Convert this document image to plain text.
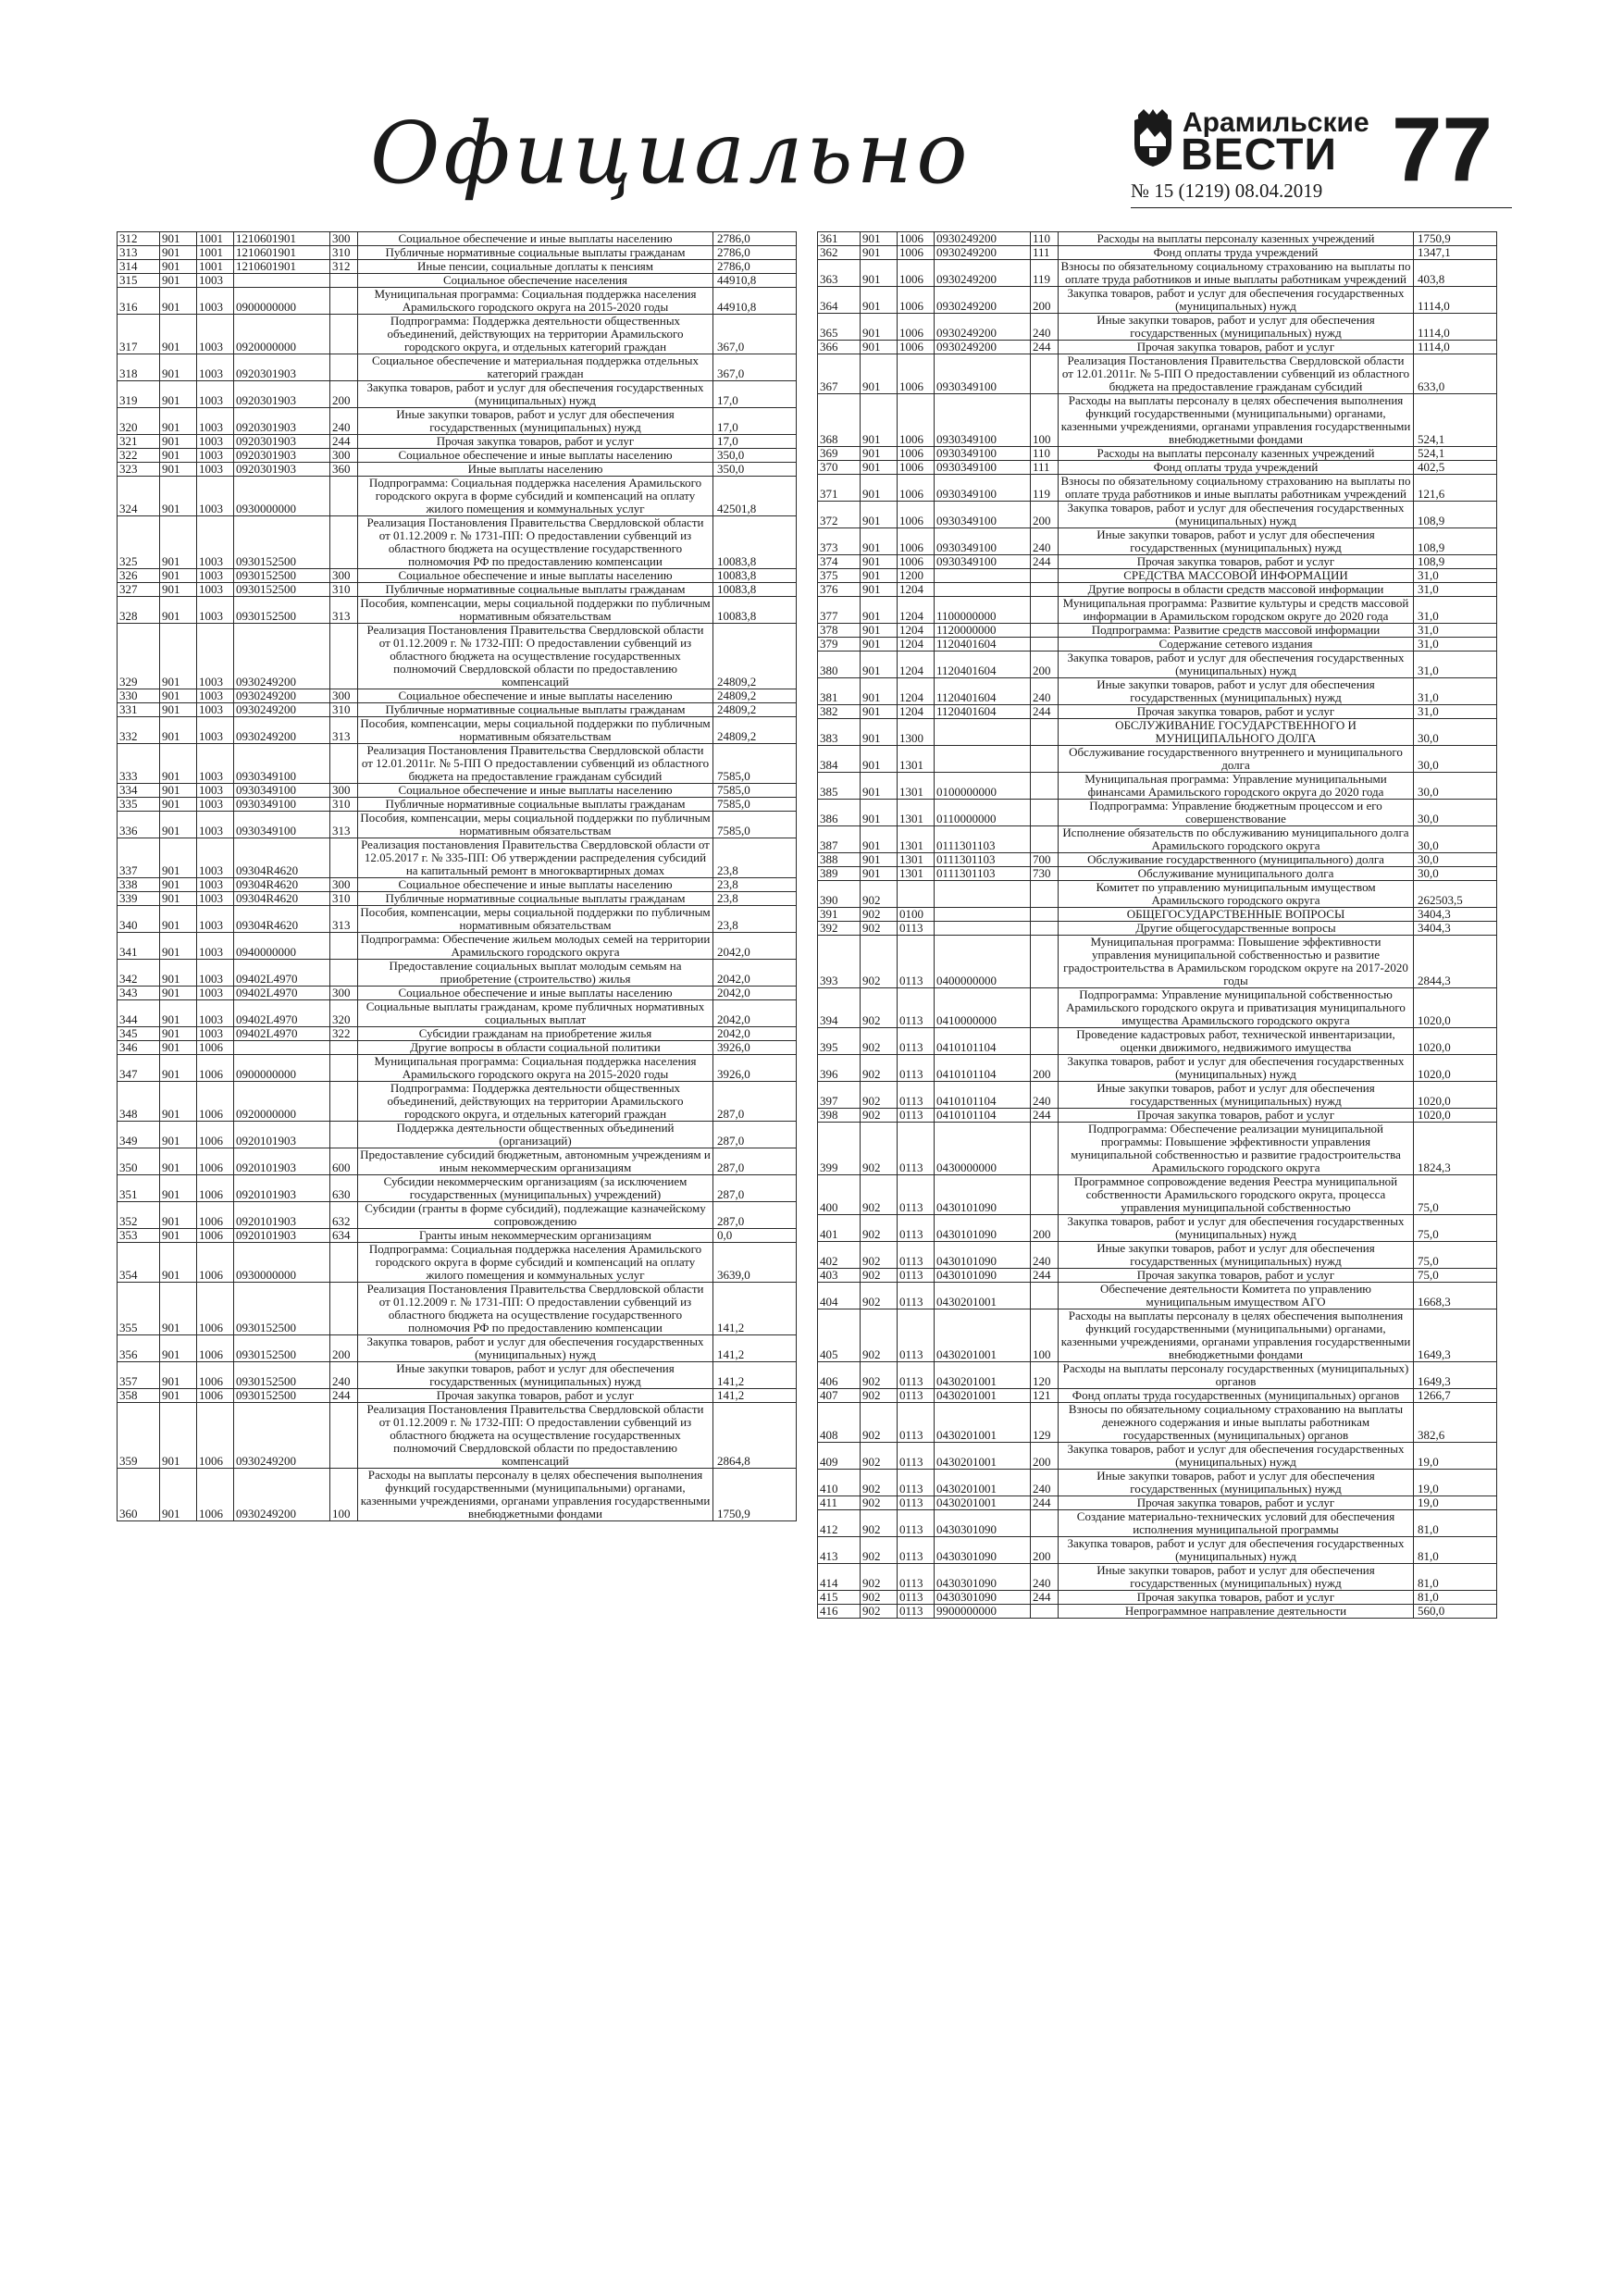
Официально	Арамильские
ВЕСТИ 77
№ 15 (1219) 08.04.2019
312	901	1001	1210601901	300	Социальное обеспечение и иные выплаты населению	2786,0
313	901	1001	1210601901	310	Публичные нормативные социальные выплаты гражданам	2786,0
314	901	1001	1210601901	312	Иные пенсии, социальные доплаты к пенсиям	2786,0
315	901	1003			Социальное обеспечение населения	44910,8
316	901	1003	0900000000		Муниципальная программа: Социальная поддержка населения Арамильского городского округа на 2015-2020 годы	44910,8
317	901	1003	0920000000		Подпрограмма: Поддержка деятельности общественных объединений, действующих на территории Арамильского городского округа, и отдельных категорий граждан	367,0
318	901	1003	0920301903		Социальное обеспечение и материальная поддержка отдельных категорий граждан	367,0
319	901	1003	0920301903	200	Закупка товаров, работ и услуг для обеспечения государственных (муниципальных) нужд	17,0
320	901	1003	0920301903	240	Иные закупки товаров, работ и услуг для обеспечения государственных (муниципальных) нужд	17,0
321	901	1003	0920301903	244	Прочая закупка товаров, работ и услуг	17,0
322	901	1003	0920301903	300	Социальное обеспечение и иные выплаты населению	350,0
323	901	1003	0920301903	360	Иные выплаты населению	350,0
324	901	1003	0930000000		Подпрограмма: Социальная поддержка населения Арамильского городского округа в форме субсидий и компенсаций на оплату жилого помещения и коммунальных услуг	42501,8
325	901	1003	0930152500		Реализация Постановления Правительства Свердловской области от 01.12.2009 г. № 1731-ПП: О предоставлении субвенций из областного бюджета на осуществление государственного полномочия РФ по предоставлению компенсации	10083,8
326	901	1003	0930152500	300	Социальное обеспечение и иные выплаты населению	10083,8
327	901	1003	0930152500	310	Публичные нормативные социальные выплаты гражданам	10083,8
328	901	1003	0930152500	313	Пособия, компенсации, меры социальной поддержки по публичным нормативным обязательствам	10083,8
329	901	1003	0930249200		Реализация Постановления Правительства Свердловской области от 01.12.2009 г. № 1732-ПП: О предоставлении субвенций из областного бюджета на осуществление государственных полномочий Свердловской области по предоставлению компенсаций	24809,2
330	901	1003	0930249200	300	Социальное обеспечение и иные выплаты населению	24809,2
331	901	1003	0930249200	310	Публичные нормативные социальные выплаты гражданам	24809,2
332	901	1003	0930249200	313	Пособия, компенсации, меры социальной поддержки по публичным нормативным обязательствам	24809,2
333	901	1003	0930349100		Реализация Постановления Правительства Свердловской области от 12.01.2011г. № 5-ПП О предоставлении субвенций из областного бюджета на предоставление гражданам субсидий	7585,0
334	901	1003	0930349100	300	Социальное обеспечение и иные выплаты населению	7585,0
335	901	1003	0930349100	310	Публичные нормативные социальные выплаты гражданам	7585,0
336	901	1003	0930349100	313	Пособия, компенсации, меры социальной поддержки по публичным нормативным обязательствам	7585,0
337	901	1003	09304R4620		Реализация постановления Правительства Свердловской области от 12.05.2017 г. № 335-ПП: Об утверждении распределения субсидий на капитальный ремонт в многоквартирных домах	23,8
338	901	1003	09304R4620	300	Социальное обеспечение и иные выплаты населению	23,8
339	901	1003	09304R4620	310	Публичные нормативные социальные выплаты гражданам	23,8
340	901	1003	09304R4620	313	Пособия, компенсации, меры социальной поддержки по публичным нормативным обязательствам	23,8
341	901	1003	0940000000		Подпрограмма: Обеспечение жильем молодых семей на территории Арамильского городского округа	2042,0
342	901	1003	09402L4970		Предоставление социальных выплат молодым семьям на приобретение (строительство) жилья	2042,0
343	901	1003	09402L4970	300	Социальное обеспечение и иные выплаты населению	2042,0
344	901	1003	09402L4970	320	Социальные выплаты гражданам, кроме публичных нормативных социальных выплат	2042,0
345	901	1003	09402L4970	322	Субсидии гражданам на приобретение жилья	2042,0
346	901	1006			Другие вопросы в области социальной политики	3926,0
347	901	1006	0900000000		Муниципальная программа: Социальная поддержка населения Арамильского городского округа на 2015-2020 годы	3926,0
348	901	1006	0920000000		Подпрограмма: Поддержка деятельности общественных объединений, действующих на территории Арамильского городского округа, и отдельных категорий граждан	287,0
349	901	1006	0920101903		Поддержка деятельности общественных объединений (организаций)	287,0
350	901	1006	0920101903	600	Предоставление субсидий бюджетным, автономным учреждениям и иным некоммерческим организациям	287,0
351	901	1006	0920101903	630	Субсидии некоммерческим организациям (за исключением государственных (муниципальных) учреждений)	287,0
352	901	1006	0920101903	632	Субсидии (гранты в форме субсидий), подлежащие казначейскому сопровождению	287,0
353	901	1006	0920101903	634	Гранты иным некоммерческим организациям	0,0
354	901	1006	0930000000		Подпрограмма: Социальная поддержка населения Арамильского городского округа в форме субсидий и компенсаций на оплату жилого помещения и коммунальных услуг	3639,0
355	901	1006	0930152500		Реализация Постановления Правительства Свердловской области от 01.12.2009 г. № 1731-ПП: О предоставлении субвенций из областного бюджета на осуществление государственного полномочия РФ по предоставлению компенсации	141,2
356	901	1006	0930152500	200	Закупка товаров, работ и услуг для обеспечения государственных (муниципальных) нужд	141,2
357	901	1006	0930152500	240	Иные закупки товаров, работ и услуг для обеспечения государственных (муниципальных) нужд	141,2
358	901	1006	0930152500	244	Прочая закупка товаров, работ и услуг	141,2
359	901	1006	0930249200		Реализация Постановления Правительства Свердловской области от 01.12.2009 г. № 1732-ПП: О предоставлении субвенций из областного бюджета на осуществление государственных полномочий Свердловской области по предоставлению компенсаций	2864,8
360	901	1006	0930249200	100	Расходы на выплаты персоналу в целях обеспечения выполнения функций государственными (муниципальными) органами, казенными учреждениями, органами управления государственными внебюджетными фондами	1750,9
361	901	1006	0930249200	110	Расходы на выплаты персоналу казенных учреждений	1750,9
362	901	1006	0930249200	111	Фонд оплаты труда учреждений	1347,1
363	901	1006	0930249200	119	Взносы по обязательному социальному страхованию на выплаты по оплате труда работников и иные выплаты работникам учреждений	403,8
364	901	1006	0930249200	200	Закупка товаров, работ и услуг для обеспечения государственных (муниципальных) нужд	1114,0
365	901	1006	0930249200	240	Иные закупки товаров, работ и услуг для обеспечения государственных (муниципальных) нужд	1114,0
366	901	1006	0930249200	244	Прочая закупка товаров, работ и услуг	1114,0
367	901	1006	0930349100		Реализация Постановления Правительства Свердловской области от 12.01.2011г. № 5-ПП О предоставлении субвенций из областного бюджета на предоставление гражданам субсидий	633,0
368	901	1006	0930349100	100	Расходы на выплаты персоналу в целях обеспечения выполнения функций государственными (муниципальными) органами, казенными учреждениями, органами управления государственными внебюджетными фондами	524,1
369	901	1006	0930349100	110	Расходы на выплаты персоналу казенных учреждений	524,1
370	901	1006	0930349100	111	Фонд оплаты труда учреждений	402,5
371	901	1006	0930349100	119	Взносы по обязательному социальному страхованию на выплаты по оплате труда работников и иные выплаты работникам учреждений	121,6
372	901	1006	0930349100	200	Закупка товаров, работ и услуг для обеспечения государственных (муниципальных) нужд	108,9
373	901	1006	0930349100	240	Иные закупки товаров, работ и услуг для обеспечения государственных (муниципальных) нужд	108,9
374	901	1006	0930349100	244	Прочая закупка товаров, работ и услуг	108,9
375	901	1200			СРЕДСТВА МАССОВОЙ ИНФОРМАЦИИ	31,0
376	901	1204			Другие вопросы в области средств массовой информации	31,0
377	901	1204	1100000000		Муниципальная программа: Развитие культуры и средств массовой информации в Арамильском городском округе до 2020 года	31,0
378	901	1204	1120000000		Подпрограмма: Развитие средств массовой информации	31,0
379	901	1204	1120401604		Содержание сетевого издания	31,0
380	901	1204	1120401604	200	Закупка товаров, работ и услуг для обеспечения государственных (муниципальных) нужд	31,0
381	901	1204	1120401604	240	Иные закупки товаров, работ и услуг для обеспечения государственных (муниципальных) нужд	31,0
382	901	1204	1120401604	244	Прочая закупка товаров, работ и услуг	31,0
383	901	1300			ОБСЛУЖИВАНИЕ ГОСУДАРСТВЕННОГО И МУНИЦИПАЛЬНОГО ДОЛГА	30,0
384	901	1301			Обслуживание государственного внутреннего и муниципального долга	30,0
385	901	1301	0100000000		Муниципальная программа: Управление муниципальными финансами Арамильского городского округа до 2020 года	30,0
386	901	1301	0110000000		Подпрограмма: Управление бюджетным процессом и его совершенствование	30,0
387	901	1301	0111301103		Исполнение обязательств по обслуживанию муниципального долга Арамильского городского округа	30,0
388	901	1301	0111301103	700	Обслуживание государственного (муниципального) долга	30,0
389	901	1301	0111301103	730	Обслуживание муниципального долга	30,0
390	902				Комитет по управлению муниципальным имуществом Арамильского городского округа	262503,5
391	902	0100			ОБЩЕГОСУДАРСТВЕННЫЕ ВОПРОСЫ	3404,3
392	902	0113			Другие общегосударственные вопросы	3404,3
393	902	0113	0400000000		Муниципальная программа: Повышение эффективности управления муниципальной собственностью и развитие градостроительства в Арамильском городском округе на 2017-2020 годы	2844,3
394	902	0113	0410000000		Подпрограмма: Управление муниципальной собственностью Арамильского городского округа и приватизация муниципального имущества Арамильского городского округа	1020,0
395	902	0113	0410101104		Проведение кадастровых работ, технической инвентаризации, оценки движимого, недвижимого имущества	1020,0
396	902	0113	0410101104	200	Закупка товаров, работ и услуг для обеспечения государственных (муниципальных) нужд	1020,0
397	902	0113	0410101104	240	Иные закупки товаров, работ и услуг для обеспечения государственных (муниципальных) нужд	1020,0
398	902	0113	0410101104	244	Прочая закупка товаров, работ и услуг	1020,0
399	902	0113	0430000000		Подпрограмма: Обеспечение реализации муниципальной программы: Повышение эффективности управления муниципальной собственностью и развитие градостроительства Арамильского городского округа	1824,3
400	902	0113	0430101090		Программное сопровождение ведения Реестра муниципальной собственности Арамильского городского округа, процесса управления муниципальной собственностью	75,0
401	902	0113	0430101090	200	Закупка товаров, работ и услуг для обеспечения государственных (муниципальных) нужд	75,0
402	902	0113	0430101090	240	Иные закупки товаров, работ и услуг для обеспечения государственных (муниципальных) нужд	75,0
403	902	0113	0430101090	244	Прочая закупка товаров, работ и услуг	75,0
404	902	0113	0430201001		Обеспечение деятельности Комитета по управлению муниципальным имуществом АГО	1668,3
405	902	0113	0430201001	100	Расходы на выплаты персоналу в целях обеспечения выполнения функций государственными (муниципальными) органами, казенными учреждениями, органами управления государственными внебюджетными фондами	1649,3
406	902	0113	0430201001	120	Расходы на выплаты персоналу государственных (муниципальных) органов	1649,3
407	902	0113	0430201001	121	Фонд оплаты труда государственных (муниципальных) органов	1266,7
408	902	0113	0430201001	129	Взносы по обязательному социальному страхованию на выплаты денежного содержания и иные выплаты работникам государственных (муниципальных) органов	382,6
409	902	0113	0430201001	200	Закупка товаров, работ и услуг для обеспечения государственных (муниципальных) нужд	19,0
410	902	0113	0430201001	240	Иные закупки товаров, работ и услуг для обеспечения государственных (муниципальных) нужд	19,0
411	902	0113	0430201001	244	Прочая закупка товаров, работ и услуг	19,0
412	902	0113	0430301090		Создание материально-технических условий для обеспечения исполнения муниципальной программы	81,0
413	902	0113	0430301090	200	Закупка товаров, работ и услуг для обеспечения государственных (муниципальных) нужд	81,0
414	902	0113	0430301090	240	Иные закупки товаров, работ и услуг для обеспечения государственных (муниципальных) нужд	81,0
415	902	0113	0430301090	244	Прочая закупка товаров, работ и услуг	81,0
416	902	0113	9900000000		Непрограммное направление деятельности	560,0
